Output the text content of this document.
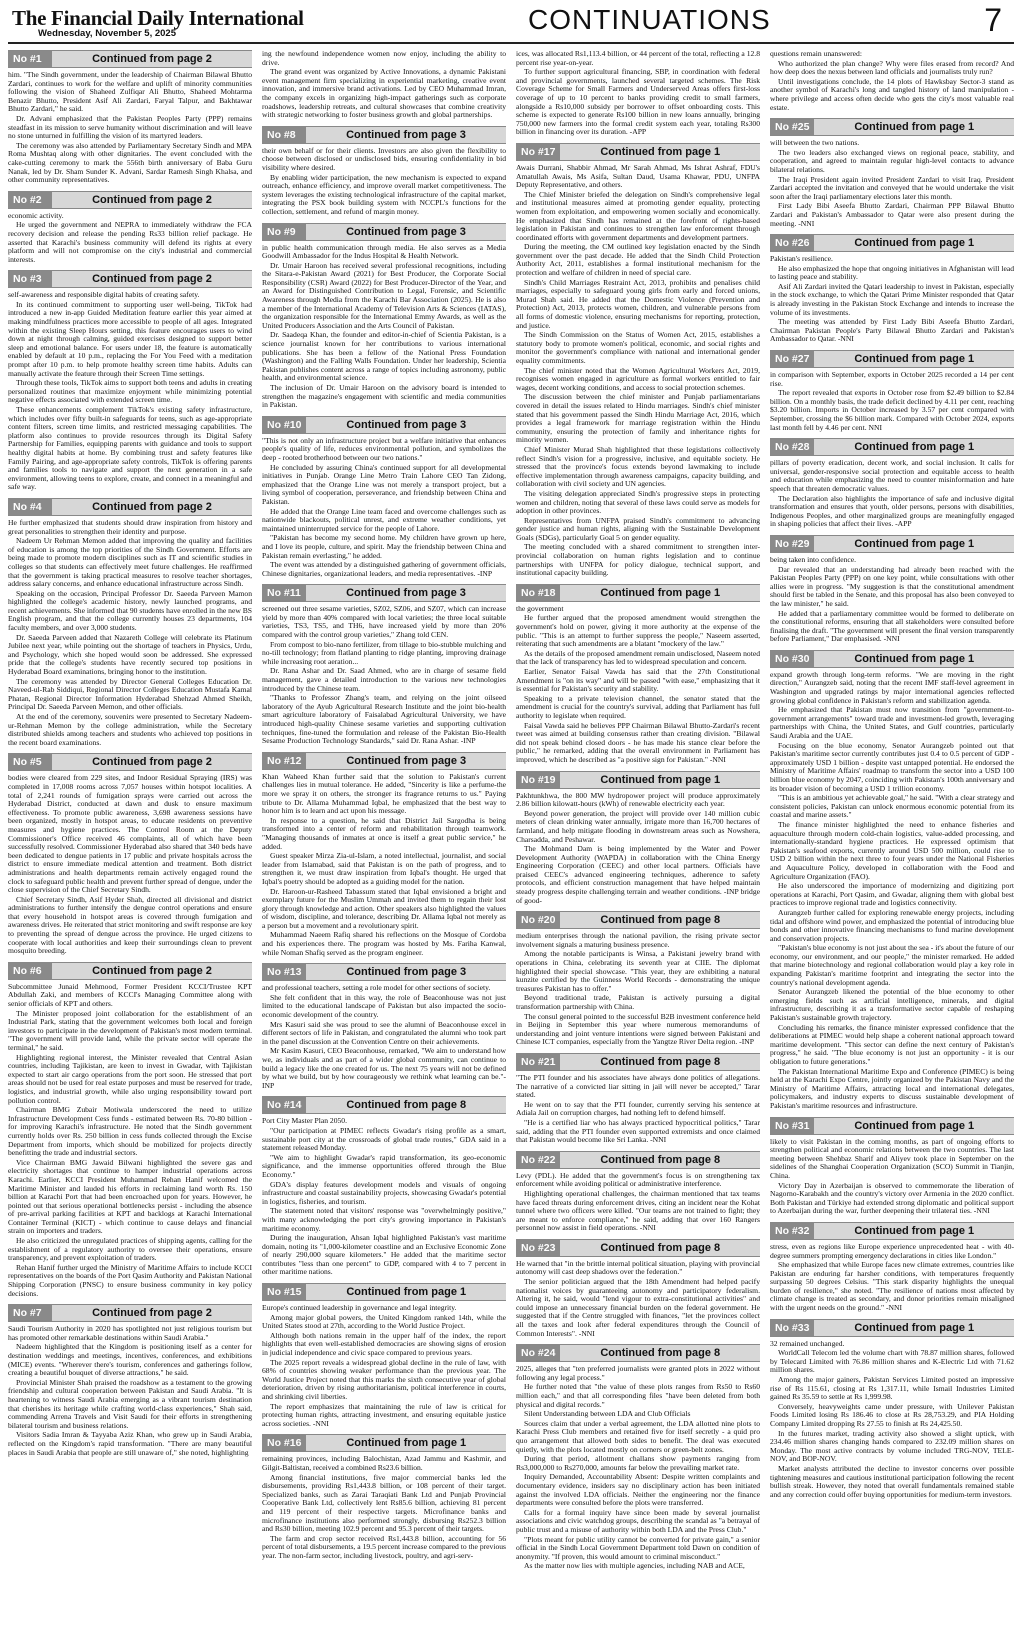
The Financial Daily International
Wednesday, November 5, 2025	CONTINUATIONS	7
No #1	Continued from page 2

him. "The Sindh government, under the leadership of Chairman Bilawal Bhutto Zardari, continues to work for the welfare and uplift of minority communities following the vision of Shaheed Zulfiqar Ali Bhutto, Shaheed Mohtarma Benazir Bhutto, President Asif Ali Zardari, Faryal Talpur, and Bakhtawar Bhutto Zardari," he said.

Dr. Advani emphasized that the Pakistan Peoples Party (PPP) remains steadfast in its mission to serve humanity without discrimination and will leave no stone unturned in fulfilling the vision of its martyred leaders.

The ceremony was also attended by Parliamentary Secretary Sindh and MPA Roma Mushtaq along with other dignitaries. The event concluded with the cake-cutting ceremony to mark the 556th birth anniversary of Baba Guru Nanak, led by Dr. Sham Sunder K. Advani, Sardar Ramesh Singh Khalsa, and other community representatives.

No #2	Continued from page 2

economic activity.

He urged the government and NEPRA to immediately withdraw the FCA recovery decision and release the pending Rs33 billion relief package. He asserted that Karachi's business community will defend its rights at every platform and will not compromise on the city's industrial and commercial interests.

No #3	Continued from page 2

self-awareness and responsible digital habits of creating safety.

In its continued commitment to supporting user well-being, TikTok had introduced a new in-app Guided Meditation feature earlier this year aimed at making mindfulness practices more accessible to people of all ages. Integrated within the existing Sleep Hours setting, this feature encourages users to wind down at night through calming, guided exercises designed to support better sleep and emotional balance. For users under 18, the feature is automatically enabled by default at 10 p.m., replacing the For You Feed with a meditation prompt after 10 p.m. to help promote healthy screen time habits. Adults can manually activate the feature through their Screen Time settings.

Through these tools, TikTok aims to support both teens and adults in creating personalized routines that maximize enjoyment while minimizing potential negative effects associated with extended screen time.

These enhancements complement TikTok's existing safety infrastructure, which includes over fifty built-in safeguards for teens, such as age-appropriate content filters, screen time limits, and restricted messaging capabilities. The platform also continues to provide resources through its Digital Safety Partnership for Families, equipping parents with guidance and tools to support healthy digital habits at home. By combining trust and safety features like Family Pairing, and age-appropriate safety controls, TikTok is offering parents and families tools to navigate and support the next generation in a safe environment, allowing teens to explore, create, and connect in a meaningful and safe way.

No #4	Continued from page 2

He further emphasized that students should draw inspiration from history and great personalities to strengthen their identity and purpose.

Nadeem Ur Rehman Memon added that improving the quality and facilities of education is among the top priorities of the Sindh Government. Efforts are being made to promote modern disciplines such as IT and scientific studies in colleges so that students can effectively meet future challenges. He reaffirmed that the government is taking practical measures to resolve teacher shortages, address salary concerns, and enhance educational infrastructure across Sindh.

Speaking on the occasion, Principal Professor Dr. Saeeda Parveen Mamon highlighted the college's academic history, newly launched programs, and recent achievements. She informed that 90 students have enrolled in the new BS English program, and that the college currently houses 23 departments, 104 faculty members, and over 3,000 students.

Dr. Saeeda Parveen added that Nazareth College will celebrate its Platinum Jubilee next year, while pointing out the shortage of teachers in Physics, Urdu, and Psychology, which she hoped would soon be addressed. She expressed pride that the college's students have recently secured top positions in Hyderabad Board examinations, bringing honor to the institution.

The ceremony was attended by Director General Colleges Education Dr. Naveed-ul-Rab Siddiqui, Regional Director Colleges Education Mustafa Kamal Phatan, Regional Director Information Hyderabad Shehzad Ahmed Sheikh, Principal Dr. Saeeda Parveen Memon, and other officials.

At the end of the ceremony, souvenirs were presented to Secretary Nadeem-ur-Rehman Memon by the college administration, while the Secretary distributed shields among teachers and students who achieved top positions in the recent board examinations.

No #5	Continued from page 2

bodies were cleared from 229 sites, and Indoor Residual Spraying (IRS) was completed in 17,008 rooms across 7,057 houses within hotspot localities. A total of 2,241 rounds of fumigation sprays were carried out across the Hyderabad District, conducted at dawn and dusk to ensure maximum effectiveness. To promote public awareness, 3,698 awareness sessions have been organized, mostly in hotspot areas, to educate residents on preventive measures and hygiene practices. The Control Room at the Deputy Commissioner's Office received 46 complaints, all of which have been successfully resolved. Commissioner Hyderabad also shared that 340 beds have been dedicated to dengue patients in 17 public and private hospitals across the district to ensure immediate medical attention and treatment. Both district administrations and health departments remain actively engaged round the clock to safeguard public health and prevent further spread of dengue, under the close supervision of the Chief Secretary Sindh.

Chief Secretary Sindh, Asif Hyder Shah, directed all divisional and district administrations to further intensify the dengue control operations and ensure that every household in hotspot areas is covered through fumigation and awareness drives. He reiterated that strict monitoring and swift response are key to preventing the spread of dengue across the province. He urged citizens to cooperate with local authorities and keep their surroundings clean to prevent mosquito breeding.

No #6	Continued from page 2

Subcommittee Junaid Mehmood, Former President KCCI/Trustee KPT Abdullah Zaki, and members of KCCI's Managing Committee along with senior officials of KPT and others.

The Minister proposed joint collaboration for the establishment of an Industrial Park, stating that the government welcomes both local and foreign investors to participate in the development of Pakistan's most modern terminal. "The government will provide land, while the private sector will operate the terminal," he said.

Highlighting regional interest, the Minister revealed that Central Asian countries, including Tajikistan, are keen to invest in Gwadar, with Tajikistan expected to start air cargo operations from the port soon. He stressed that port areas should not be used for real estate purposes and must be reserved for trade, logistics, and industrial growth, while also urging responsibility toward port pollution control.

Chairman BMG Zubair Motiwala underscored the need to utilize Infrastructure Development Cess funds - estimated between Rs. 70-80 billion - for improving Karachi's infrastructure. He noted that the Sindh government currently holds over Rs. 250 billion in cess funds collected through the Excise Department from imports, which should be mobilized for projects directly benefitting the trade and industrial sectors.

Vice Chairman BMG Jawaid Bilwani highlighted the severe gas and electricity shortages that continue to hamper industrial operations across Karachi. Earlier, KCCI President Muhammad Rehan Hanif welcomed the Maritime Minister and lauded his efforts in reclaiming land worth Rs. 150 billion at Karachi Port that had been encroached upon for years. However, he pointed out that serious operational bottlenecks persist - including the absence of pre-arrival parking facilities at KPT and backlogs at Karachi International Container Terminal (KICT) - which continue to cause delays and financial strain on importers and traders.

He also criticized the unregulated practices of shipping agents, calling for the establishment of a regulatory authority to oversee their operations, ensure transparency, and prevent exploitation of traders.

Rehan Hanif further urged the Ministry of Maritime Affairs to include KCCI representatives on the boards of the Port Qasim Authority and Pakistan National Shipping Corporation (PNSC) to ensure business community in key policy decisions.

No #7	Continued from page 2

Saudi Tourism Authority in 2020 has spotlighted not just religious tourism but has promoted other remarkable destinations within Saudi Arabia."

Nadeem highlighted that the Kingdom is positioning itself as a center for destination weddings and meetings, incentives, conferences, and exhibitions (MICE) events. "Wherever there's tourism, conferences and gatherings follow, creating a beautiful bouquet of diverse attractions," he said.

Provincial Minister Shah praised the roadshow as a testament to the growing friendship and cultural cooperation between Pakistan and Saudi Arabia. "It is heartening to witness Saudi Arabia emerging as a vibrant tourism destination that cherishes its heritage while crafting world-class experiences," Shah said, commending Arrena Travels and Visit Saudi for their efforts in strengthening bilateral tourism and business relations.

Visitors Sadia Imran & Tayyaba Aziz Khan, who grew up in Saudi Arabia, reflected on the Kingdom's rapid transformation. "There are many beautiful places in Saudi Arabia that people are still unaware of," she noted, highlighting

ing the newfound independence women now enjoy, including the ability to drive.

The grand event was organized by Active Innovations, a dynamic Pakistani event management firm specializing in experiential marketing, creative event innovation, and immersive brand activations. Led by CEO Muhammad Imran, the company excels in organizing high-impact gatherings such as corporate roadshows, leadership retreats, and cultural showcases that combine creativity with strategic networking to foster business growth and global partnerships.

No #8	Continued from page 3

their own behalf or for their clients. Investors are also given the flexibility to choose between disclosed or undisclosed bids, ensuring confidentiality in bid visibility where desired.

By enabling wider participation, the new mechanism is expected to expand outreach, enhance efficiency, and improve overall market competitiveness. The system leverages the existing technological infrastructure of the capital market, integrating the PSX book building system with NCCPL's functions for the collection, settlement, and refund of margin money.

No #9	Continued from page 3

in public health communication through media. He also serves as a Media Goodwill Ambassador for the Indus Hospital & Health Network.

Dr. Umair Haroon has received several professional recognitions, including the Sitara-e-Pakistan Award (2021) for Best Producer, the Corporate Social Responsibility (CSR) Award (2022) for Best Producer-Director of the Year, and an Award for Distinguished Contribution to Legal, Forensic, and Scientific Awareness through Media from the Karachi Bar Association (2025). He is also a member of the International Academy of Television Arts & Sciences (IATAS), the organization responsible for the International Emmy Awards, as well as the United Producers Association and the Arts Council of Pakistan.

Dr. Saadeqa Khan, the founder and editor-in-chief of Scientia Pakistan, is a science journalist known for her contributions to various international publications. She has been a fellow of the National Press Foundation (Washington) and the Falling Walls Foundation. Under her leadership, Scientia Pakistan publishes content across a range of topics including astronomy, public health, and environmental science.

The inclusion of Dr. Umair Haroon on the advisory board is intended to strengthen the magazine's engagement with scientific and media communities in Pakistan.

No #10	Continued from page 3

"This is not only an infrastructure project but a welfare initiative that enhances people's quality of life, reduces environmental pollution, and symbolizes the deep - rooted brotherhood between our two nations."

He concluded by assuring China's continued support for all developmental initiatives in Punjab. Orange Line Metro Train Lahore CEO Tan Zidong, emphasized that the Orange Line was not merely a transport project, but a living symbol of cooperation, perseverance, and friendship between China and Pakistan.

He added that the Orange Line team faced and overcome challenges such as nationwide blackouts, political unrest, and extreme weather conditions, yet maintained uninterrupted service for the people of Lahore.

"Pakistan has become my second home. My children have grown up here, and I love its people, culture, and spirit. May the friendship between China and Pakistan remain everlasting," he added.

The event was attended by a distinguished gathering of government officials, Chinese dignitaries, organizational leaders, and media representatives. -INP

No #11	Continued from page 3

screened out three sesame varieties, SZ02, SZ06, and SZ07, which can increase yield by more than 40% compared with local varieties; the three local suitable varieties, TS3, TS5, and TH6, have increased yield by more than 20% compared with the control group varieties," Zhang told CEN.

From compost to bio-nano fertilizer, from tillage to bio-stubble mulching and no-till technology; from flatland planting to ridge planting, improving drainage while increasing root aeration...

Dr. Rana Ashar and Dr. Saad Ahmed, who are in charge of sesame field management, gave a detailed introduction to the various new technologies introduced by the Chinese team.

"Thanks to Professor Zhang's team, and relying on the joint oilseed laboratory of the Ayub Agricultural Research Institute and the joint bio-health smart agriculture laboratory of Faisalabad Agricultural University, we have introduced high-quality Chinese sesame varieties and supporting cultivation techniques, fine-tuned the formulation and release of the Pakistan Bio-Health Sesame Production Technology Standards," said Dr. Rana Ashar. -INP

No #12	Continued from page 3

Khan Waheed Khan further said that the solution to Pakistan's current challenges lies in mutual tolerance. He added, "Sincerity is like a perfume-the more we spray it on others, the stronger its fragrance returns to us." Paying tribute to Dr. Allama Muhammad Iqbal, he emphasized that the best way to honor him is to learn and act upon his message.

In response to a question, he said that District Jail Sargodha is being transformed into a center of reform and rehabilitation through teamwork. "Managing thousands of inmates at once is itself a great public service," he added.

Guest speaker Mirza Zia-ul-Islam, a noted intellectual, journalist, and social leader from Islamabad, said that Pakistan is on the path of progress, and to strengthen it, we must draw inspiration from Iqbal's thought. He urged that Iqbal's poetry should be adopted as a guiding model for the nation.

Dr. Haroon-ur-Rasheed Tabassum stated that Iqbal envisioned a bright and exemplary future for the Muslim Ummah and invited them to regain their lost glory through knowledge and action. Other speakers also highlighted the values of wisdom, discipline, and tolerance, describing Dr. Allama Iqbal not merely as a person but a movement and a revolutionary spirit.

Muhammad Naeem Rafiq shared his reflections on the Mosque of Cordoba and his experiences there. The program was hosted by Ms. Fariha Kanwal, while Noman Shafiq served as the program engineer.

No #13	Continued from page 3

and professional teachers, setting a role model for other sections of society.

She felt confident that in this way, the role of Beaconhouse was not just limited to the educational landscape of Pakistan but also impacted the socio-economic development of the country.

Mrs Kasuri said she was proud to see the alumni of Beaconhouse excel in different sectors of life in Pakistan, and congratulated the alumni who took part in the panel discussion at the Convention Centre on their achievements.

Mr Kasim Kasuri, CEO Beaconhouse, remarked, "We aim to understand how we, as individuals and as part of a wider global community, can continue to build a legacy like the one created for us. The next 75 years will not be defined by what we build, but by how courageously we rethink what learning can be."-INP

No #14	Continued from page 8

Port City Master Plan 2050.

"Our participation at PIMEC reflects Gwadar's rising profile as a smart, sustainable port city at the crossroads of global trade routes," GDA said in a statement released Monday.

"We aim to highlight Gwadar's rapid transformation, its geo-economic significance, and the immense opportunities offered through the Blue Economy."

GDA's display features development models and visuals of ongoing infrastructure and coastal sustainability projects, showcasing Gwadar's potential in logistics, fisheries, and tourism.

The statement noted that visitors' response was "overwhelmingly positive," with many acknowledging the port city's growing importance in Pakistan's maritime economy.

During the inauguration, Ahsan Iqbal highlighted Pakistan's vast maritime domain, noting its "1,000-kilometer coastline and an Exclusive Economic Zone of nearly 290,000 square kilometers." He added that the maritime sector contributes "less than one percent" to GDP, compared with 4 to 7 percent in other maritime nations.

No #15	Continued from page 1

Europe's continued leadership in governance and legal integrity.

Among major global powers, the United Kingdom ranked 14th, while the United States stood at 27th, according to the World Justice Project.

Although both nations remain in the upper half of the index, the report highlights that even well-established democracies are showing signs of erosion in judicial independence and civic space compared to previous years.

The 2025 report reveals a widespread global decline in the rule of law, with 68% of countries showing weaker performance than the previous year. The World Justice Project noted that this marks the sixth consecutive year of global deterioration, driven by rising authoritarianism, political interference in courts, and shrinking civil liberties.

The report emphasizes that maintaining the rule of law is critical for protecting human rights, attracting investment, and ensuring equitable justice across societies. -NNI

No #16	Continued from page 1

remaining provinces, including Balochistan, Azad Jammu and Kashmir, and Gilgit-Baltistan, received a combined Rs23.6 billion.

Among financial institutions, five major commercial banks led the disbursements, providing Rs1,443.8 billion, or 108 percent of their target. Specialized banks, such as Zarai Taraqiati Bank Ltd and Punjab Provincial Cooperative Bank Ltd, collectively lent Rs85.6 billion, achieving 81 percent and 119 percent of their respective targets. Microfinance banks and microfinance institutions also performed strongly, disbursing Rs252.3 billion and Rs30 billion, meeting 102.9 percent and 95.3 percent of their targets.

The farm and crop sector received Rs1,443.8 billion, accounting for 56 percent of total disbursements, a 19.5 percent increase compared to the previous year. The non-farm sector, including livestock, poultry, and agri-serv-

ices, was allocated Rs1,113.4 billion, or 44 percent of the total, reflecting a 12.8 percent rise year-on-year.

To further support agricultural financing, SBP, in coordination with federal and provincial governments, launched several targeted schemes. The Risk Coverage Scheme for Small Farmers and Underserved Areas offers first-loss coverage of up to 10 percent to banks providing credit to small farmers, alongside a Rs10,000 subsidy per borrower to offset onboarding costs. This scheme is expected to generate Rs100 billion in new loans annually, bringing 750,000 new farmers into the formal credit system each year, totaling Rs300 billion in financing over its duration. -APP

No #17	Continued from page 1

Awais Durrani, Shabbir Ahmad, Mr Sarah Ahmad, Ms Ishrat Ashraf, FDU's Amatullah Awais, Ms Asifa, Sultan Daud, Usama Khawar, PDU, UNFPA Deputy Representative, and others.

The Chief Minister briefed the delegation on Sindh's comprehensive legal and institutional measures aimed at promoting gender equality, protecting women from exploitation, and empowering women socially and economically. He emphasized that Sindh has remained at the forefront of rights-based legislation in Pakistan and continues to strengthen law enforcement through coordinated efforts with government departments and development partners.

During the meeting, the CM outlined key legislation enacted by the Sindh government over the past decade. He added that the Sindh Child Protection Authority Act, 2011, establishes a formal institutional mechanism for the protection and welfare of children in need of special care.

Sindh's Child Marriages Restraint Act, 2013, prohibits and penalises child marriages, especially to safeguard young girls from early and forced unions, Murad Shah said. He added that the Domestic Violence (Prevention and Protection) Act, 2013, protects women, children, and vulnerable persons from all forms of domestic violence, ensuring mechanisms for reporting, protection, and justice.

The Sindh Commission on the Status of Women Act, 2015, establishes a statutory body to promote women's political, economic, and social rights and monitor the government's compliance with national and international gender equality commitments.

The chief minister noted that the Women Agricultural Workers Act, 2019, recognises women engaged in agriculture as formal workers entitled to fair wages, decent working conditions, and access to social protection schemes.

The discussion between the chief minister and Punjab parliamentarians covered in detail the issues related to Hindu marriages. Sindh's chief minister stated that his government passed the Sindh Hindu Marriage Act, 2016, which provides a legal framework for marriage registration within the Hindu community, ensuring the protection of family and inheritance rights for minority women.

Chief Minister Murad Shah highlighted that these legislations collectively reflect Sindh's vision for a progressive, inclusive, and equitable society. He stressed that the province's focus extends beyond lawmaking to include effective implementation through awareness campaigns, capacity building, and collaboration with civil society and UN agencies.

The visiting delegation appreciated Sindh's progressive steps in protecting women and children, noting that several of these laws could serve as models for adoption in other provinces.

Representatives from UNFPA praised Sindh's commitment to advancing gender justice and human rights, aligning with the Sustainable Development Goals (SDGs), particularly Goal 5 on gender equality.

The meeting concluded with a shared commitment to strengthen inter-provincial collaboration on human rights legislation and to continue partnerships with UNFPA for policy dialogue, technical support, and institutional capacity building.

No #18	Continued from page 1

the government

He further argued that the proposed amendment would strengthen the government's hold on power, giving it more authority at the expense of the public. "This is an attempt to further suppress the people," Naseem asserted, reiterating that such amendments are a blatant "mockery of the law."

As the details of the proposed amendment remain undisclosed, Naseem noted that the lack of transparency has led to widespread speculation and concern.

Earlier, Senator Faisal Vawda has said that the 27th Constitutional Amendment is "on its way" and will be passed "with ease," emphasizing that it is essential for Pakistan's security and stability.

Speaking to a private television channel, the senator stated that the amendment is crucial for the country's survival, adding that Parliament has full authority to legislate when required.

Faisal Vawda said he believes PPP Chairman Bilawal Bhutto-Zardari's recent tweet was aimed at building consensus rather than creating division. "Bilawal did not speak behind closed doors - he has made his stance clear before the public," he remarked, adding that the overall environment in Parliament has improved, which he described as "a positive sign for Pakistan." -NNI

No #19	Continued from page 1

Pakhtunkhwa, the 800 MW hydropower project will produce approximately 2.86 billion kilowatt-hours (kWh) of renewable electricity each year.

Beyond power generation, the project will provide over 140 million cubic meters of clean drinking water annually, irrigate more than 16,700 hectares of farmland, and help mitigate flooding in downstream areas such as Nowshera, Charsadda, and Peshawar.

The Mohmand Dam is being implemented by the Water and Power Development Authority (WAPDA) in collaboration with the China Energy Engineering Corporation (CEEC) and other local partners. Officials have praised CEEC's advanced engineering techniques, adherence to safety protocols, and efficient construction management that have helped maintain steady progress despite challenging terrain and weather conditions. -INP bridge of good-

No #20	Continued from page 8

medium enterprises through the national pavilion, the rising private sector involvement signals a maturing business presence.

Among the notable participants is Winsa, a Pakistani jewelry brand with operations in China, celebrating its seventh year at CIIE. The diplomat highlighted their special showcase. "This year, they are exhibiting a natural kunzite certified by the Guinness World Records - demonstrating the unique treasures Pakistan has to offer."

Beyond traditional trade, Pakistan is actively pursuing a digital transformation partnership with China.

The consul general pointed to the successful B2B investment conference held in Beijing in September this year where numerous memorandums of understanding and joint venture intentions were signed between Pakistani and Chinese ICT companies, especially from the Yangtze River Delta region. -INP

No #21	Continued from page 8

"The PTI founder and his associates have always done politics of allegations. The narrative of a convicted liar sitting in jail will never be accepted," Tarar stated.

He went on to say that the PTI founder, currently serving his sentence at Adiala Jail on corruption charges, had nothing left to defend himself.

"He is a certified liar who has always practiced hypocritical politics," Tarar said, adding that the PTI founder even supported extremists and once claimed that Pakistan would become like Sri Lanka. -NNI

No #22	Continued from page 8

Levy (PDL). He added that the government's focus is on strengthening tax enforcement while avoiding political or administrative interference.

Highlighting operational challenges, the chairman mentioned that tax teams have faced threats during enforcement drives, citing an incident near the Kohat tunnel where two officers were killed. "Our teams are not trained to fight; they are meant to enforce compliance," he said, adding that over 160 Rangers personnel now assist in field operations. -NNI

No #23	Continued from page 8

He warned that "in the brittle internal political situation, playing with provincial autonomy will cast deep shadows over the federation."

The senior politician argued that the 18th Amendment had helped pacify nationalist voices by guaranteeing autonomy and participatory federalism. Altering it, he said, would "lend vigour to extra-constitutional activities" and could impose an unnecessary financial burden on the federal government. He suggested that if the Centre struggled with finances, "let the provinces collect all the taxes and look after federal expenditures through the Council of Common Interests". -NNI

No #24	Continued from page 8

2025, alleges that "ten preferred journalists were granted plots in 2022 without following any legal process."

He further noted that "the value of these plots ranges from Rs50 to Rs60 million each," and that all corresponding files "have been deleted from both physical and digital records."

Silent Understanding between LDA and Club Officials

Sources claim that under a verbal agreement, the LDA allotted nine plots to Karachi Press Club members and retained five for itself secretly - a quid pro quo arrangement that allowed both sides to benefit. The deal was executed quietly, with the plots located mostly on corners or green-belt zones.

During that period, allotment challans show payments ranging from Rs3,000,000 to Rs270,000, amounts far below the prevailing market rate.

Inquiry Demanded, Accountability Absent: Despite written complaints and documentary evidence, insiders say no disciplinary action has been initiated against the involved LDA officials. Neither the engineering nor the finance departments were consulted before the plots were transferred.

Calls for a formal inquiry have since been made by several journalist associations and civic watchdog groups, describing the scandal as "a betrayal of public trust and a misuse of authority within both LDA and the Press Club."

"Plots meant for public utility cannot be converted for private gain," a senior official in the Sindh Local Government Department told Dawn on condition of anonymity. "If proven, this would amount to criminal misconduct."

As the matter now lies with multiple agencies, including NAB and ACE,

questions remain unanswered:

Who authorized the plan change? Why were files erased from record? And how deep does the nexus between land officials and journalists truly run?

Until investigations conclude, the 14 plots of Hawksbay Sector-3 stand as another symbol of Karachi's long and tangled history of land manipulation - where privilege and access often decide who gets the city's most valuable real estate.

No #25	Continued from page 1

will between the two nations.

The two leaders also exchanged views on regional peace, stability, and cooperation, and agreed to maintain regular high-level contacts to advance bilateral relations.

The Iraqi President again invited President Zardari to visit Iraq. President Zardari accepted the invitation and conveyed that he would undertake the visit soon after the Iraqi parliamentary elections later this month.

First Lady Bibi Aseefa Bhutto Zardari, Chairman PPP Bilawal Bhutto Zardari and Pakistan's Ambassador to Qatar were also present during the meeting. -NNI

No #26	Continued from page 1

Pakistan's resilience.

He also emphasized the hope that ongoing initiatives in Afghanistan will lead to lasting peace and stability.

Asif Ali Zardari invited the Qatari leadership to invest in Pakistan, especially in the stock exchange, to which the Qatari Prime Minister responded that Qatar is already investing in the Pakistan Stock Exchange and intends to increase the volume of its investments.

The meeting was attended by First Lady Bibi Aseefa Bhutto Zardari, Chairman Pakistan People's Party Bilawal Bhutto Zardari and Pakistan's Ambassador to Qatar. -NNI

No #27	Continued from page 1

in comparison with September, exports in October 2025 recorded a 14 per cent rise.

The report revealed that exports in October rose from $2.49 billion to $2.84 billion. On a monthly basis, the trade deficit declined by 4.11 per cent, reaching $3.20 billion. Imports in October increased by 3.57 per cent compared with September, crossing the $6 billion mark. Compared with October 2024, exports last month fell by 4.46 per cent. NNI

No #28	Continued from page 1

pillars of poverty eradication, decent work, and social inclusion. It calls for universal, gender-responsive social protection and equitable access to health and education while emphasizing the need to counter misinformation and hate speech that threaten democratic values.

The Declaration also highlights the importance of safe and inclusive digital transformation and ensures that youth, older persons, persons with disabilities, Indigenous Peoples, and other marginalized groups are meaningfully engaged in shaping policies that affect their lives. -APP

No #29	Continued from page 1

being taken into confidence.

Dar revealed that an understanding had already been reached with the Pakistan Peoples Party (PPP) on one key point, while consultations with other allies were in progress. "My suggestion is that the constitutional amendment should first be tabled in the Senate, and this proposal has also been conveyed to the law minister," he said.

He added that a parliamentary committee would be formed to deliberate on the constitutional reforms, ensuring that all stakeholders were consulted before finalising the draft. "The government will present the final version transparently before Parliament," Dar emphasised. -NNI

No #30	Continued from page 1

expand growth through long-term reforms. "We are moving in the right direction," Aurangzeb said, noting that the recent IMF staff-level agreement in Washington and upgraded ratings by major international agencies reflected growing global confidence in Pakistan's reform and stabilization agenda.

He emphasized that Pakistan must now transition from "government-to-government arrangements" toward trade and investment-led growth, leveraging partnerships with China, the United States, and Gulf countries, particularly Saudi Arabia and the UAE.

Focusing on the blue economy, Senator Aurangzeb pointed out that Pakistan's maritime sector currently contributes just 0.4 to 0.5 percent of GDP - approximately USD 1 billion - despite vast untapped potential. He endorsed the Ministry of Maritime Affairs' roadmap to transform the sector into a USD 100 billion blue economy by 2047, coinciding with Pakistan's 100th anniversary and its broader vision of becoming a USD 1 trillion economy.

"This is an ambitious yet achievable goal," he said. "With a clear strategy and consistent policies, Pakistan can unlock enormous economic potential from its coastal and marine assets."

The finance minister highlighted the need to enhance fisheries and aquaculture through modern cold-chain logistics, value-added processing, and internationally-standard hygiene practices. He expressed optimism that Pakistan's seafood exports, currently around USD 500 million, could rise to USD 2 billion within the next three to four years under the National Fisheries and Aquaculture Policy, developed in collaboration with the Food and Agriculture Organization (FAO).

He also underscored the importance of modernizing and digitizing port operations at Karachi, Port Qasim, and Gwadar, aligning them with global best practices to improve regional trade and logistics connectivity.

Aurangzeb further called for exploring renewable energy projects, including tidal and offshore wind power, and emphasized the potential of introducing blue bonds and other innovative financing mechanisms to fund marine development and conservation projects.

"Pakistan's blue economy is not just about the sea - it's about the future of our economy, our environment, and our people," the minister remarked. He added that marine biotechnology and regional collaboration would play a key role in expanding Pakistan's maritime footprint and integrating the sector into the country's national development agenda.

Senator Aurangzeb likened the potential of the blue economy to other emerging fields such as artificial intelligence, minerals, and digital infrastructure, describing it as a transformative sector capable of reshaping Pakistan's sustainable growth trajectory.

Concluding his remarks, the finance minister expressed confidence that the deliberations at PIMEC would help shape a coherent national approach toward maritime development. "This sector can define the next century of Pakistan's progress," he said. "The blue economy is not just an opportunity - it is our obligation to future generations."

The Pakistan International Maritime Expo and Conference (PIMEC) is being held at the Karachi Expo Centre, jointly organized by the Pakistan Navy and the Ministry of Maritime Affairs, attracting local and international delegates, policymakers, and industry experts to discuss sustainable development of Pakistan's maritime resources and infrastructure.

No #31	Continued from page 1

likely to visit Pakistan in the coming months, as part of ongoing efforts to strengthen political and economic relations between the two countries. The last meeting between Shehbaz Sharif and Aliyev took place in September on the sidelines of the Shanghai Cooperation Organization (SCO) Summit in Tianjin, China.

Victory Day in Azerbaijan is observed to commemorate the liberation of Nagorno-Karabakh and the country's victory over Armenia in the 2020 conflict. Both Pakistan and Türkiye had extended strong diplomatic and political support to Azerbaijan during the war, further deepening their trilateral ties. -NNI

No #32	Continued from page 1

stress, even as regions like Europe experience unprecedented heat - with 40-degree summers prompting emergency declarations in cities like London."

She emphasized that while Europe faces new climate extremes, countries like Pakistan are enduring far harsher conditions, with temperatures frequently surpassing 50 degrees Celsius. "This stark disparity highlights the unequal burden of resilience," she noted. "The resilience of nations most affected by climate change is treated as secondary, and donor priorities remain misaligned with the urgent needs on the ground." -NNI

No #33	Continued from page 1

32 remained unchanged.

WorldCall Telecom led the volume chart with 78.87 million shares, followed by Telecard Limited with 76.86 million shares and K-Electric Ltd with 71.62 million shares.

Among the major gainers, Pakistan Services Limited posted an impressive rise of Rs 115.61, closing at Rs 1,317.11, while Ismail Industries Limited gained Rs 35.59 to settle at Rs 1,999.98.

Conversely, heavyweights came under pressure, with Unilever Pakistan Foods Limited losing Rs 186.46 to close at Rs 28,753.29, and PIA Holding Company Limited dropping Rs 27.55 to finish at Rs 24,425.50.

In the futures market, trading activity also showed a slight uptick, with 234.46 million shares changing hands compared to 232.09 million shares on Monday. The most active contracts by volume included TRG-NOV, TELE-NOV, and BOP-NOV.

Market analysts attributed the decline to investor concerns over possible tightening measures and cautious institutional participation following the recent bullish streak. However, they noted that overall fundamentals remained stable and any correction could offer buying opportunities for medium-term investors.
